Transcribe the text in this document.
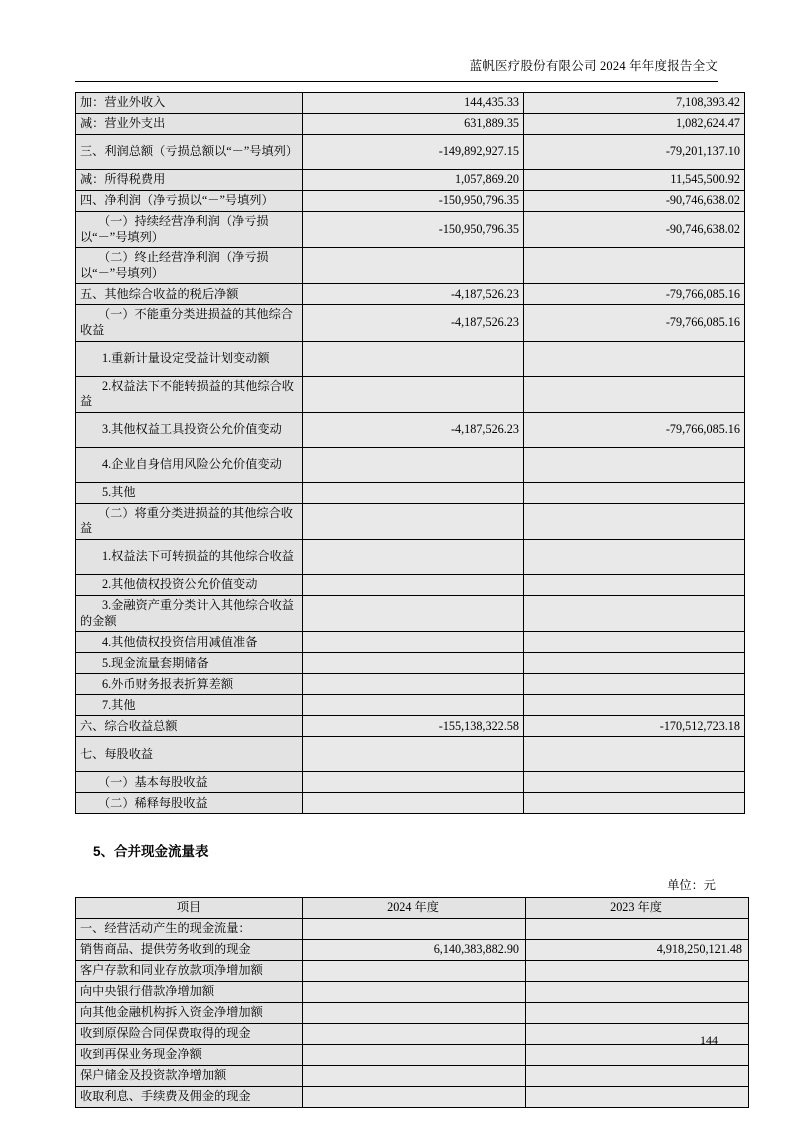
蓝帆医疗股份有限公司 2024 年年度报告全文
加：营业外收入	144,435.33	7,108,393.42
减：营业外支出	631,889.35	1,082,624.47
三、利润总额（亏损总额以“－”号填列）	-149,892,927.15	-79,201,137.10
减：所得税费用	1,057,869.20	11,545,500.92
四、净利润（净亏损以“－”号填列）	-150,950,796.35	-90,746,638.02
（一）持续经营净利润（净亏损以“－”号填列）	-150,950,796.35	-90,746,638.02
（二）终止经营净利润（净亏损以“－”号填列）		
五、其他综合收益的税后净额	-4,187,526.23	-79,766,085.16
（一）不能重分类进损益的其他综合收益	-4,187,526.23	-79,766,085.16
1.重新计量设定受益计划变动额		
2.权益法下不能转损益的其他综合收益		
3.其他权益工具投资公允价值变动	-4,187,526.23	-79,766,085.16
4.企业自身信用风险公允价值变动		
5.其他		
（二）将重分类进损益的其他综合收益		
1.权益法下可转损益的其他综合收益		
2.其他债权投资公允价值变动		
3.金融资产重分类计入其他综合收益的金额		
4.其他债权投资信用减值准备		
5.现金流量套期储备		
6.外币财务报表折算差额		
7.其他		
六、综合收益总额	-155,138,322.58	-170,512,723.18
七、每股收益		
（一）基本每股收益		
（二）稀释每股收益		
5、合并现金流量表
单位：元
项目	2024 年度	2023 年度
一、经营活动产生的现金流量：		
销售商品、提供劳务收到的现金	6,140,383,882.90	4,918,250,121.48
客户存款和同业存放款项净增加额		
向中央银行借款净增加额		
向其他金融机构拆入资金净增加额		
收到原保险合同保费取得的现金		
收到再保业务现金净额		
保户储金及投资款净增加额		
收取利息、手续费及佣金的现金		
144
